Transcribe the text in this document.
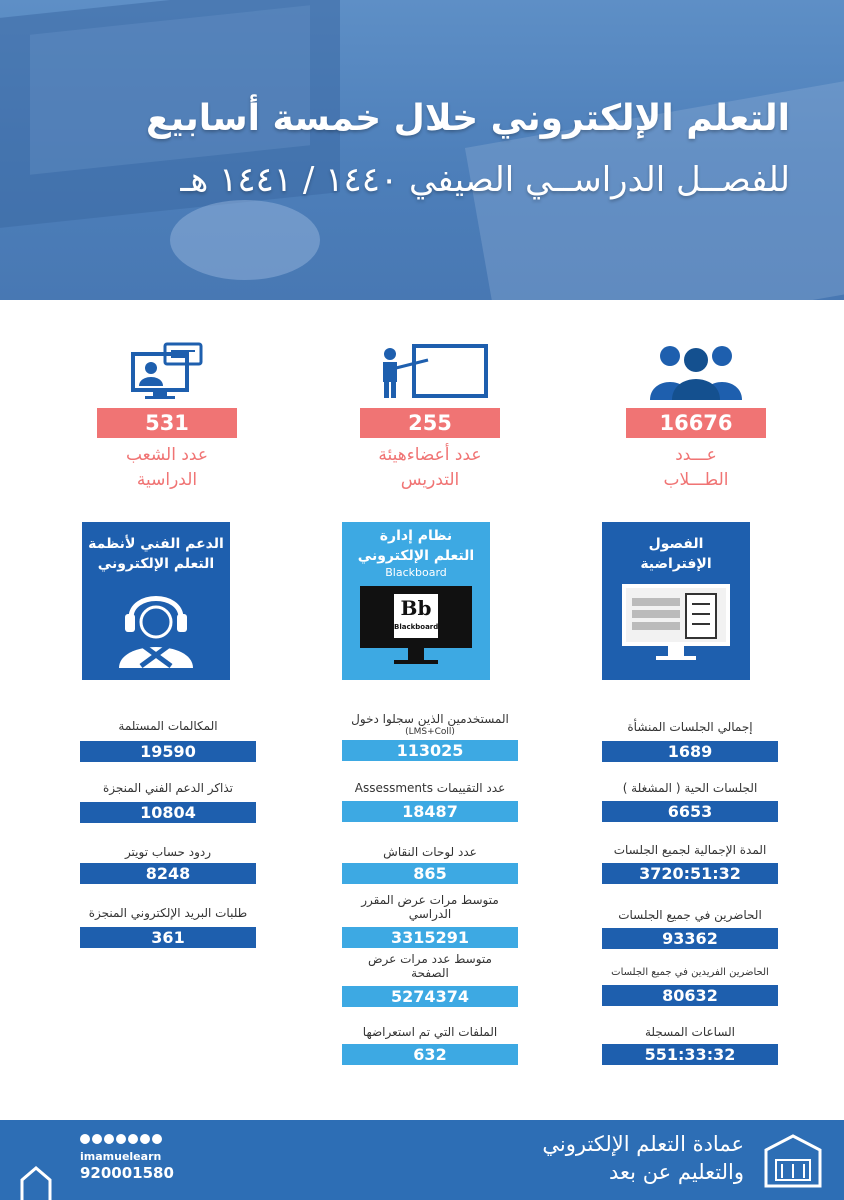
التعلم الإلكتروني خلال خمسة أسابيع
للفصــل الدراســي الصيفي ١٤٤٠ / ١٤٤١ هـ
16676
عـــدد
الطـــلاب
255
عدد أعضاءهيئة
التدريس
531
عدد الشعب
الدراسية
الفصول
الإفتراضية
نظام إدارة
التعلم الإلكتروني
Blackboard
Bb
Blackboard
الدعم الفني لأنظمة
التعلم الإلكتروني
إجمالي الجلسات المنشأة
1689
الجلسات الحية ( المشغلة )
6653
المدة الإجمالية لجميع الجلسات
3720:51:32
الحاضرين في جميع الجلسات
93362
الحاضرين الفريدين في جميع الجلسات
80632
الساعات المسجلة
551:33:32
المستخدمين الذين سجلوا دخول
(LMS+Coll)
113025
عدد التقييمات Assessments
18487
عدد لوحات النقاش
865
متوسط مرات عرض المقرر
الدراسي
3315291
متوسط عدد مرات عرض
الصفحة
5274374
الملفات التي تم استعراضها
632
المكالمات المستلمة
19590
تذاكر الدعم الفني المنجزة
10804
ردود حساب تويتر
8248
طلبات البريد الإلكتروني المنجزة
361
عمادة التعلم الإلكتروني
والتعليم عن بعد
imamuelearn
920001580
